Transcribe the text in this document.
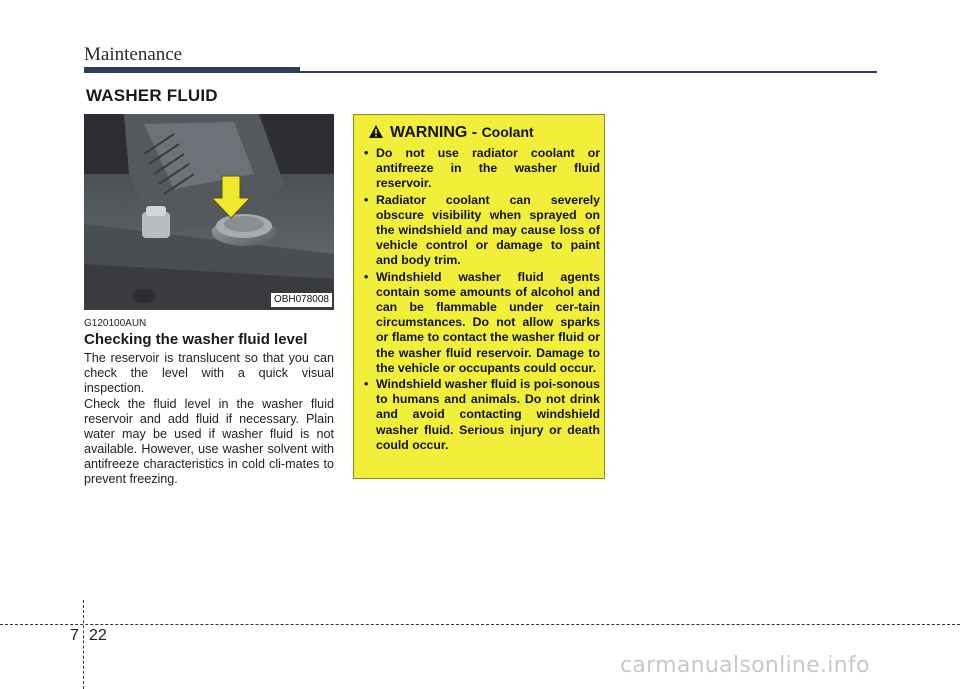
Maintenance
WASHER FLUID
OBH078008
G120100AUN
Checking the washer fluid level
The reservoir is translucent so that you can check the level with a quick visual inspection.
Check the fluid level in the washer fluid reservoir and add fluid if necessary. Plain water may be used if washer fluid is not available. However, use washer solvent with antifreeze characteristics in cold cli-mates to prevent freezing.
WARNING - Coolant
• Do not use radiator coolant or antifreeze in the washer fluid reservoir.
• Radiator coolant can severely obscure visibility when sprayed on the windshield and may cause loss of vehicle control or damage to paint and body trim.
• Windshield washer fluid agents contain some amounts of alcohol and can be flammable under cer-tain circumstances. Do not allow sparks or flame to contact the washer fluid or the washer fluid reservoir. Damage to the vehicle or occupants could occur.
• Windshield washer fluid is poi-sonous to humans and animals. Do not drink and avoid contacting windshield washer fluid. Serious injury or death could occur.
7 22
carmanualsonline.info
